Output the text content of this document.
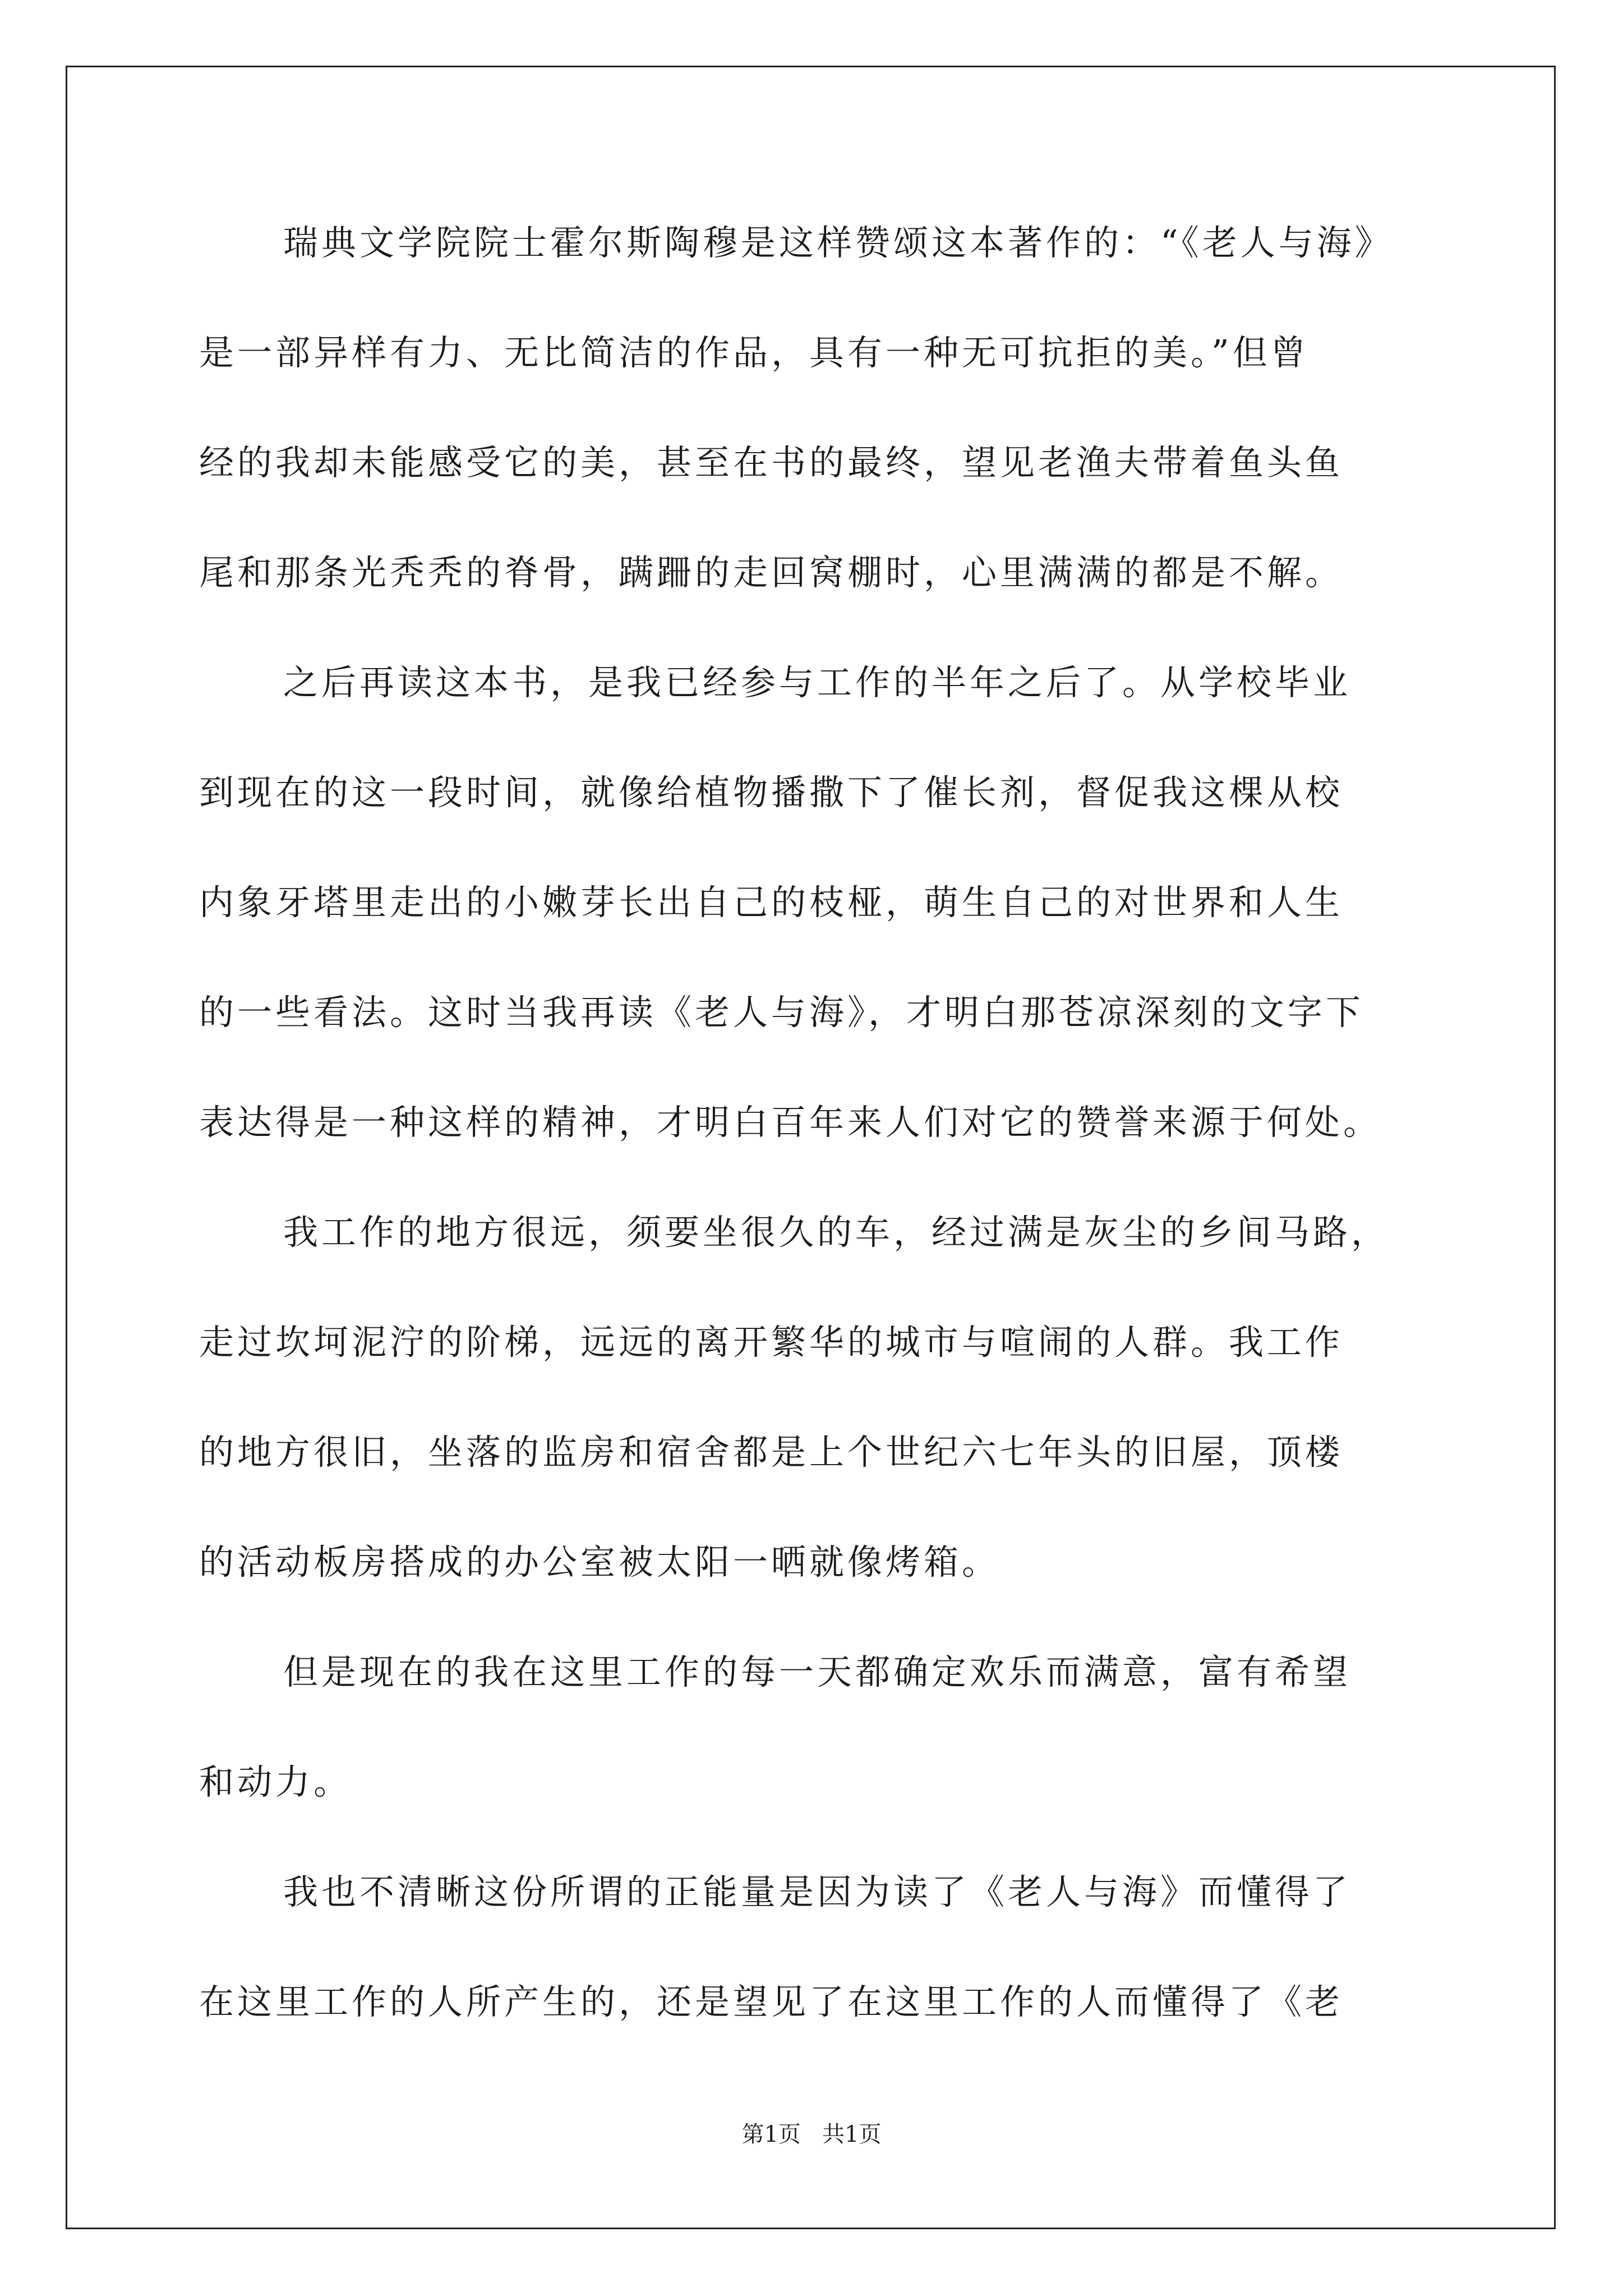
瑞典文学院院士霍尔斯陶穆是这样赞颂这本著作的：“《老人与海》
是一部异样有力、无比简洁的作品，具有一种无可抗拒的美。”但曾
经的我却未能感受它的美，甚至在书的最终，望见老渔夫带着鱼头鱼
尾和那条光秃秃的脊骨，蹒跚的走回窝棚时，心里满满的都是不解。
之后再读这本书，是我已经参与工作的半年之后了。从学校毕业
到现在的这一段时间，就像给植物播撒下了催长剂，督促我这棵从校
内象牙塔里走出的小嫩芽长出自己的枝桠，萌生自己的对世界和人生
的一些看法。这时当我再读《老人与海》，才明白那苍凉深刻的文字下
表达得是一种这样的精神，才明白百年来人们对它的赞誉来源于何处。
我工作的地方很远，须要坐很久的车，经过满是灰尘的乡间马路，
走过坎坷泥泞的阶梯，远远的离开繁华的城市与喧闹的人群。我工作
的地方很旧，坐落的监房和宿舍都是上个世纪六七年头的旧屋，顶楼
的活动板房搭成的办公室被太阳一晒就像烤箱。
但是现在的我在这里工作的每一天都确定欢乐而满意，富有希望
和动力。
我也不清晰这份所谓的正能量是因为读了《老人与海》而懂得了
第1页   共1页
在这里工作的人所产生的，还是望见了在这里工作的人而懂得了《老
